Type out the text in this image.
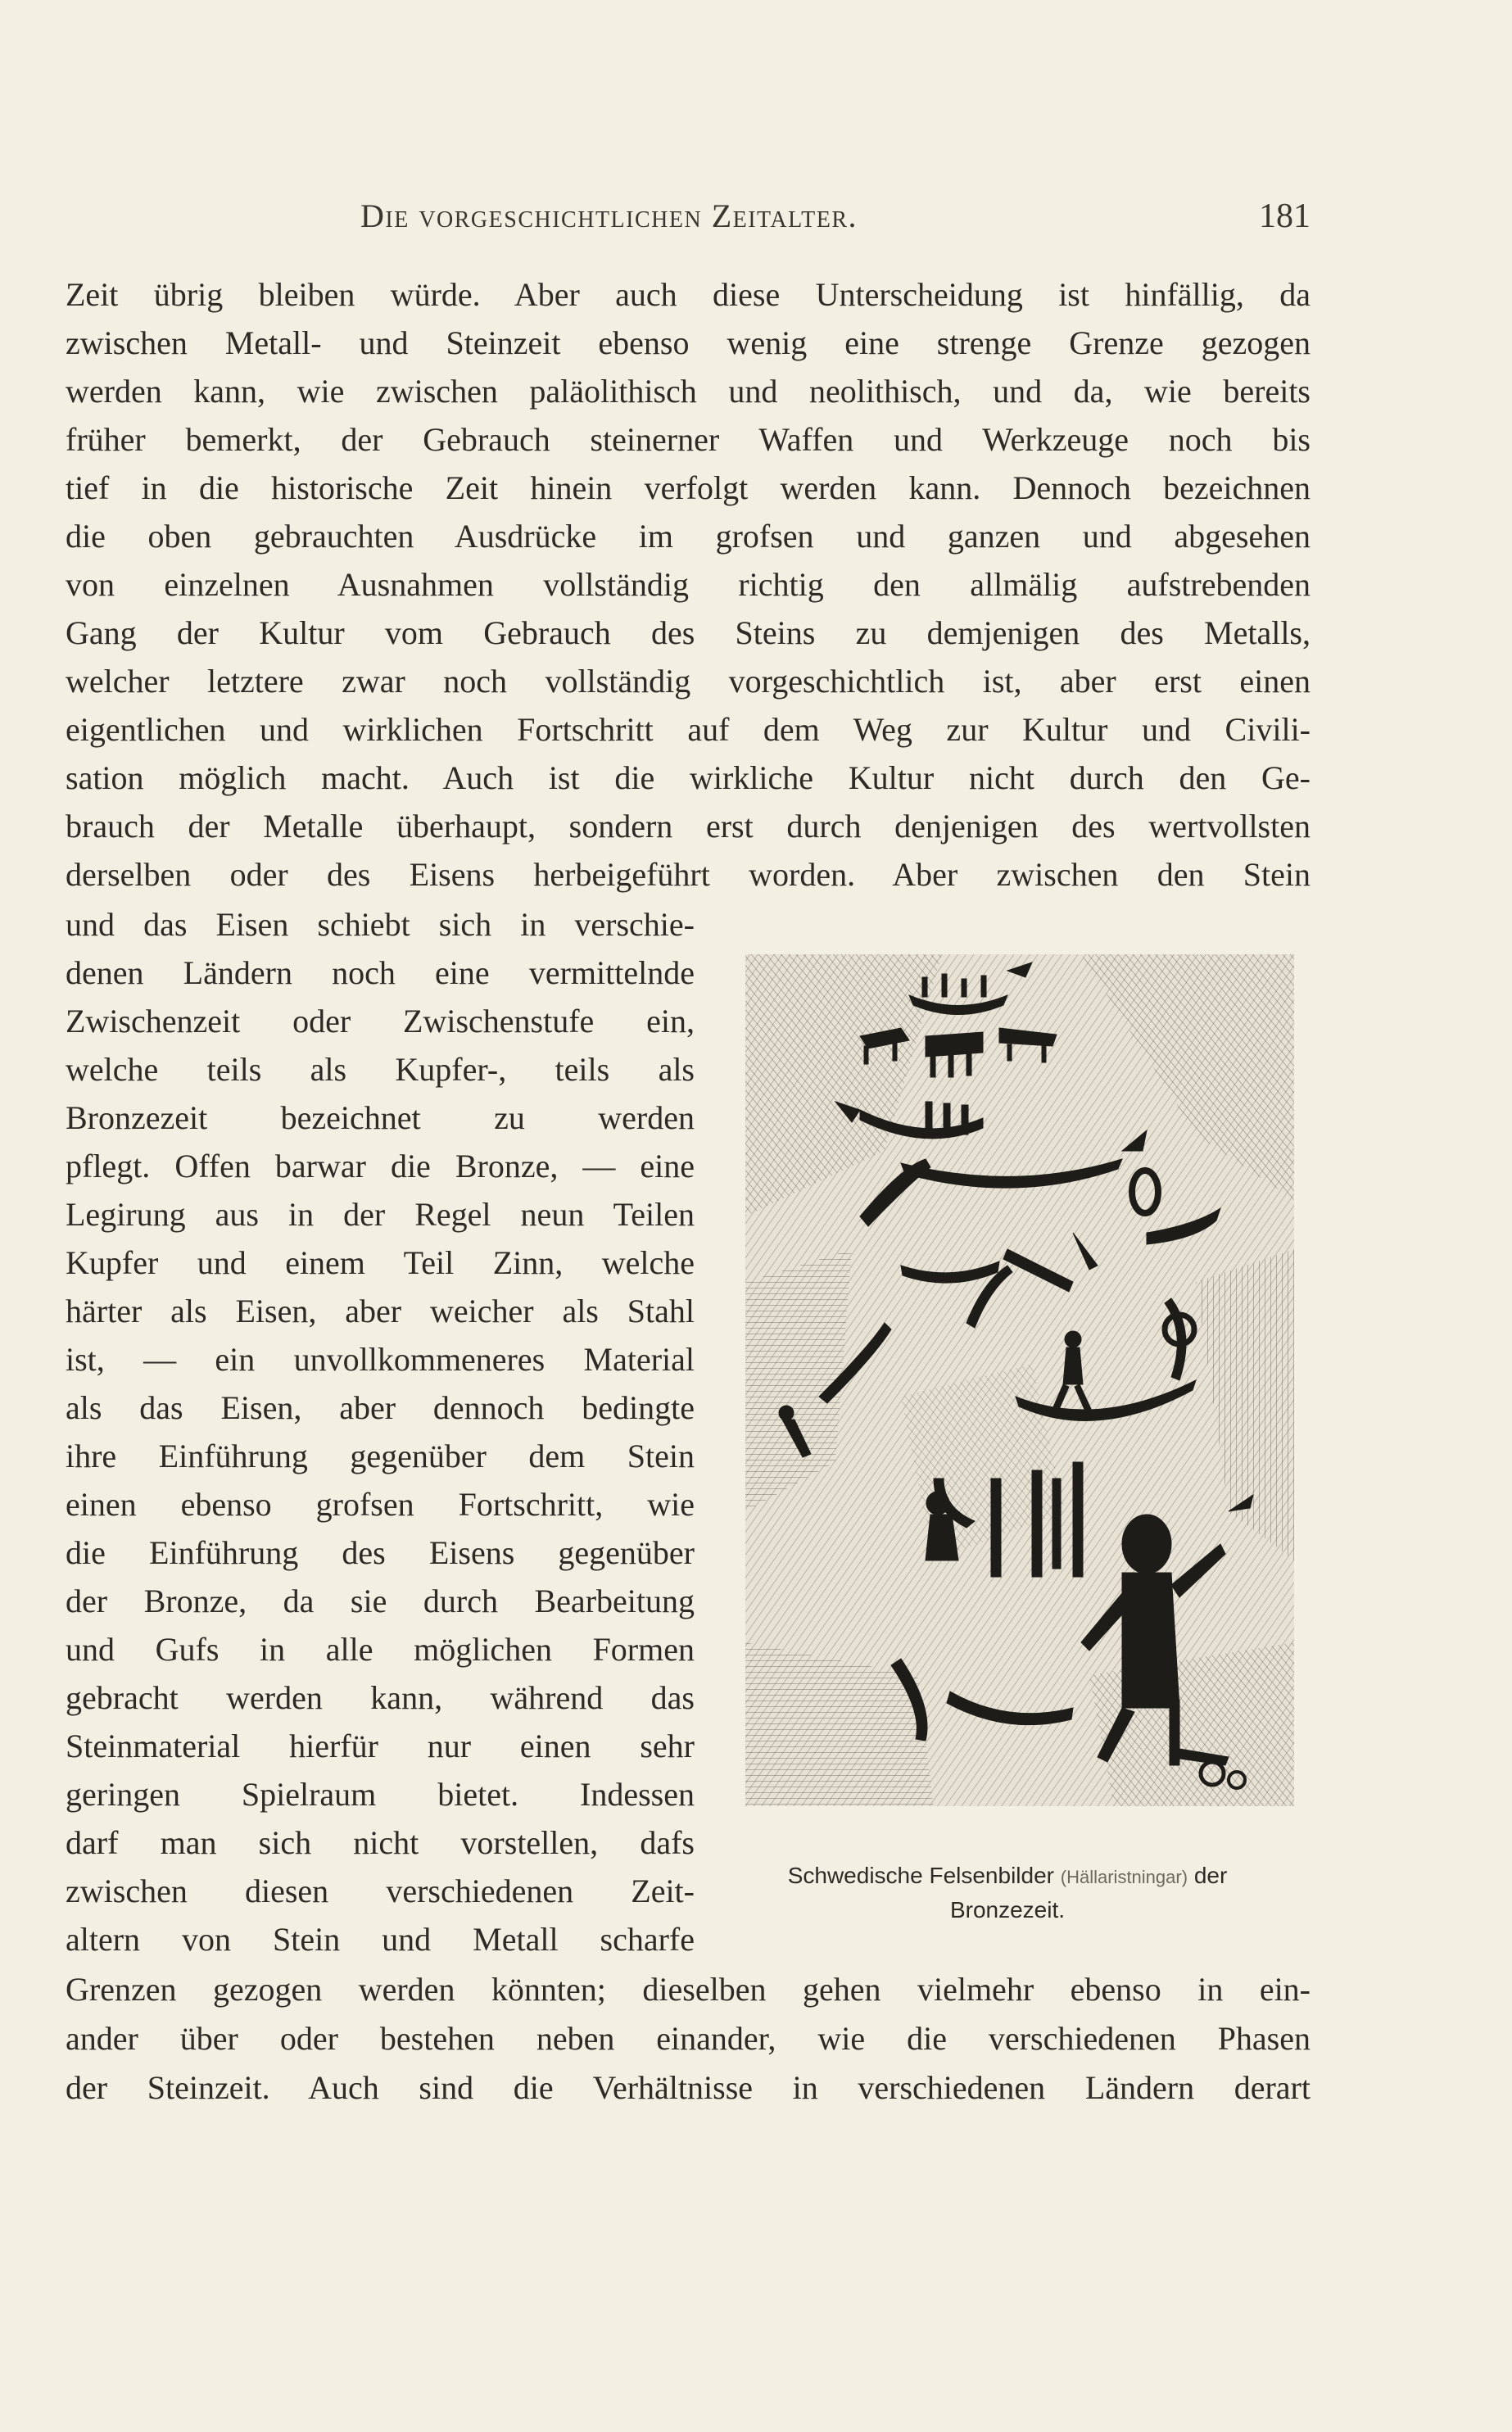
Die vorgeschichtlichen Zeitalter.	181
Zeit übrig bleiben würde. Aber auch diese Unterscheidung ist hinfällig, da
zwischen Metall- und Steinzeit ebenso wenig eine strenge Grenze gezogen
werden kann, wie zwischen paläolithisch und neolithisch, und da, wie bereits
früher bemerkt, der Gebrauch steinerner Waffen und Werkzeuge noch bis
tief in die historische Zeit hinein verfolgt werden kann. Dennoch bezeichnen
die oben gebrauchten Ausdrücke im grofsen und ganzen und abgesehen
von einzelnen Ausnahmen vollständig richtig den allmälig aufstrebenden
Gang der Kultur vom Gebrauch des Steins zu demjenigen des Metalls,
welcher letztere zwar noch vollständig vorgeschichtlich ist, aber erst einen
eigentlichen und wirklichen Fortschritt auf dem Weg zur Kultur und Civili-
sation möglich macht. Auch ist die wirkliche Kultur nicht durch den Ge-
brauch der Metalle überhaupt, sondern erst durch denjenigen des wertvollsten
derselben oder des Eisens herbeigeführt worden. Aber zwischen den Stein
und das Eisen schiebt sich in verschie-
denen Ländern noch eine vermittelnde
Zwischenzeit oder Zwischenstufe ein,
welche teils als Kupfer-, teils als
Bronzezeit bezeichnet zu werden
pflegt. Offen barwar die Bronze, — eine
Legirung aus in der Regel neun Teilen
Kupfer und einem Teil Zinn, welche
härter als Eisen, aber weicher als Stahl
ist, — ein unvollkommeneres Material
als das Eisen, aber dennoch bedingte
ihre Einführung gegenüber dem Stein
einen ebenso grofsen Fortschritt, wie
die Einführung des Eisens gegenüber
der Bronze, da sie durch Bearbeitung
und Gufs in alle möglichen Formen
gebracht werden kann, während das
Steinmaterial hierfür nur einen sehr
geringen Spielraum bietet. Indessen
darf man sich nicht vorstellen, dafs
zwischen diesen verschiedenen Zeit-
altern von Stein und Metall scharfe
Grenzen gezogen werden könnten; dieselben gehen vielmehr ebenso in ein-
ander über oder bestehen neben einander, wie die verschiedenen Phasen
der Steinzeit. Auch sind die Verhältnisse in verschiedenen Ländern derart
Schwedische Felsenbilder (Hällaristningar) der
Bronzezeit.
